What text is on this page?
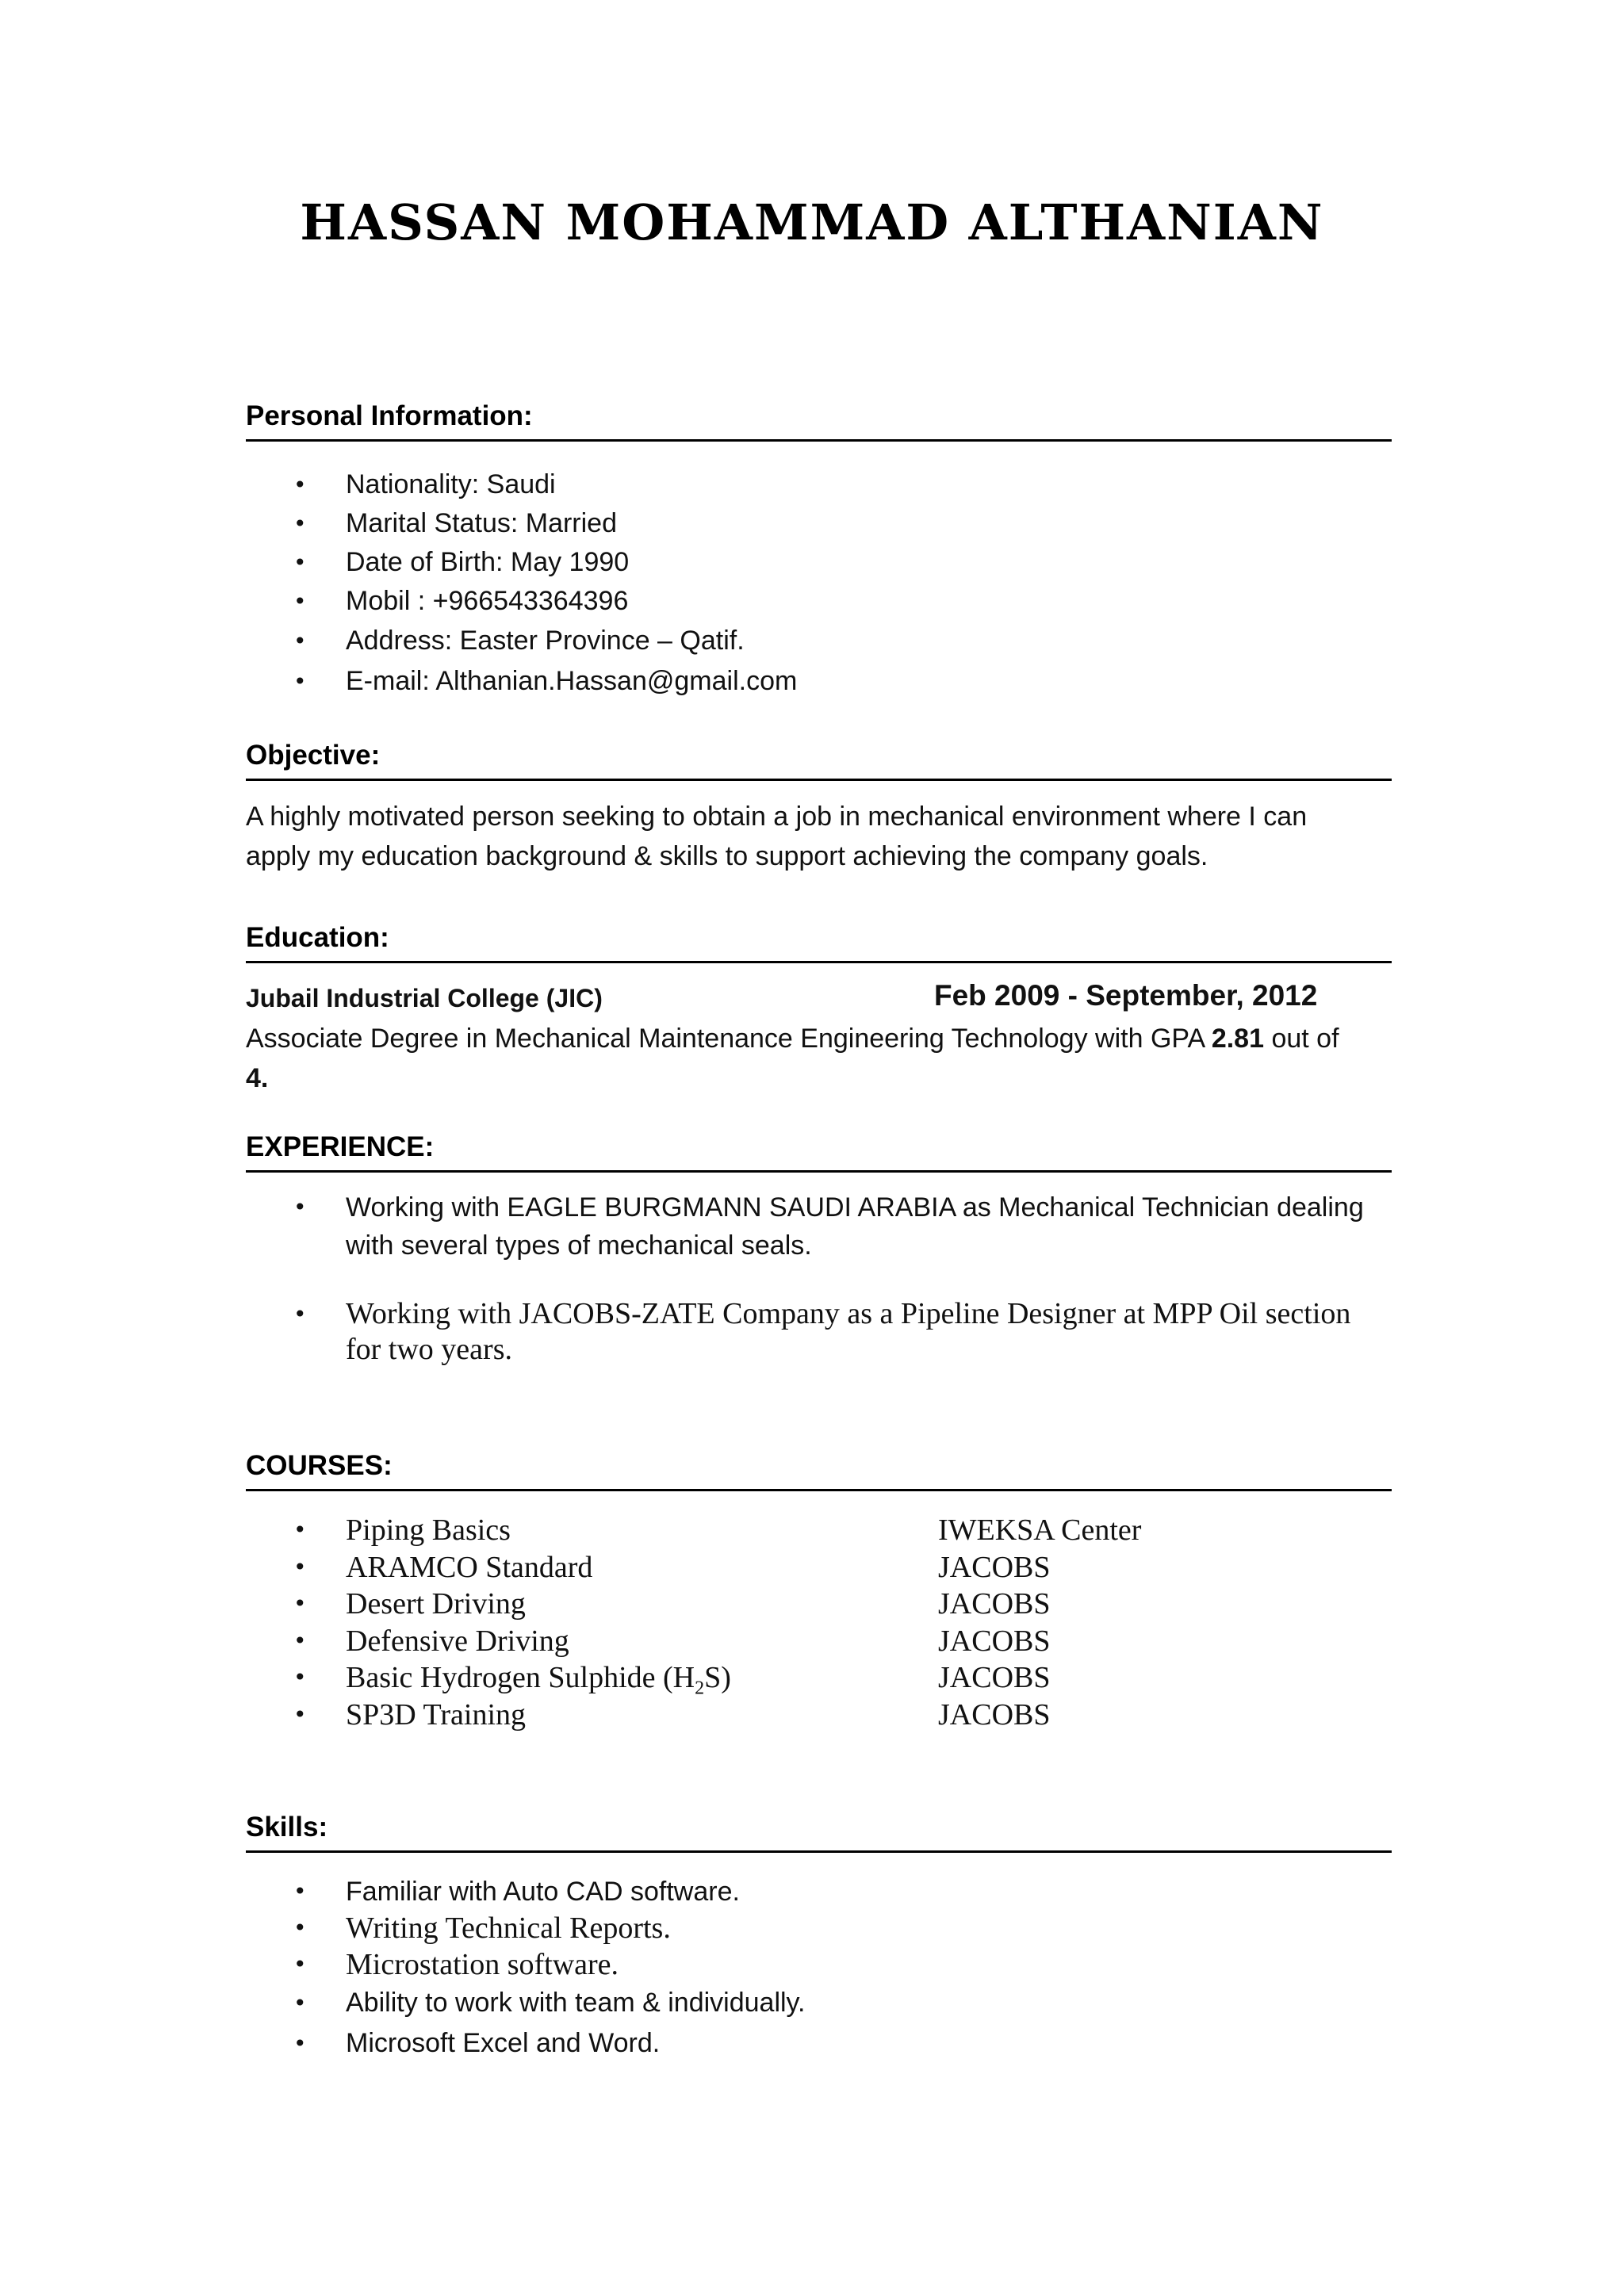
HASSAN MOHAMMAD ALTHANIAN
Personal Information:
• Nationality: Saudi
• Marital Status: Married
• Date of Birth: May 1990
• Mobil : +966543364396
• Address: Easter Province – Qatif.
• E-mail: Althanian.Hassan@gmail.com
Objective:
A highly motivated person seeking to obtain a job in mechanical environment where I can
apply my education background & skills to support achieving the company goals.
Education:
Jubail Industrial College (JIC)	Feb 2009 - September, 2012
Associate Degree in Mechanical Maintenance Engineering Technology with GPA 2.81 out of
4.
EXPERIENCE:
• Working with EAGLE BURGMANN SAUDI ARABIA as Mechanical Technician dealing
with several types of mechanical seals.
• Working with JACOBS-ZATE Company as a Pipeline Designer at MPP Oil section
for two years.
COURSES:
• Piping Basics	IWEKSA Center
• ARAMCO Standard	JACOBS
• Desert Driving	JACOBS
• Defensive Driving	JACOBS
• Basic Hydrogen Sulphide $(H_2S)$	JACOBS
• SP3D Training	JACOBS
Skills:
• Familiar with Auto CAD software.
• Writing Technical Reports.
• Microstation software.
• Ability to work with team & individually.
• Microsoft Excel and Word.
